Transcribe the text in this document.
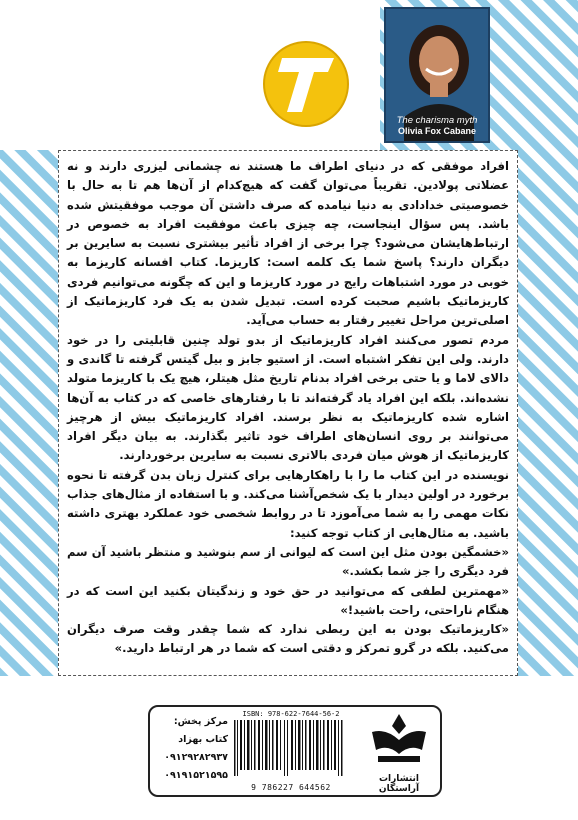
The charisma myth
Olivia Fox Cabane

افراد موفقی که در دنیای اطراف ما هستند نه چشمانی لیزری دارند و نه عضلاتی پولادین. تقریباً می‌توان گفت که هیچ‌کدام از آن‌ها هم تا به حال با خصوصیتی خدادادی به دنیا نیامده که صرف داشتن آن موجب موفقیتش شده باشد. پس سؤال اینجاست، چه چیزی باعث موفقیت افراد به خصوص در ارتباط‌هایشان می‌شود؟ چرا برخی از افراد تأثیر بیشتری نسبت به سایرین بر دیگران دارند؟ پاسخ شما یک کلمه است: کاریزما. کتاب افسانه کاریزما به خوبی در مورد اشتباهات رایج در مورد کاریزما و این که چگونه می‌توانیم فردی کاریزماتیک باشیم صحبت کرده است. تبدیل شدن به یک فرد کاریزماتیک از اصلی‌ترین مراحل تغییر رفتار به حساب می‌آید.

مردم تصور می‌کنند افراد کاریزماتیک از بدو تولد چنین قابلیتی را در خود دارند. ولی این تفکر اشتباه است. از استیو جابز و بیل گیتس گرفته تا گاندی و دالای لاما و یا حتی برخی افراد بدنام تاریخ مثل هیتلر، هیچ یک با کاریزما متولد نشده‌اند. بلکه این افراد یاد گرفته‌اند تا با رفتارهای خاصی که در کتاب به آن‌ها اشاره شده کاریزماتیک به نظر برسند. افراد کاریزماتیک بیش از هرچیز می‌توانند بر روی انسان‌های اطراف خود تاثیر بگذارند. به بیان دیگر افراد کاریزماتیک از هوش میان فردی بالاتری نسبت به سایرین برخوردارند.

نویسنده در این کتاب ما را با راهکارهایی برای کنترل زبان بدن گرفته تا نحوه برخورد در اولین دیدار با یک شخص‌آشنا می‌کند. و با استفاده از مثال‌های جذاب نکات مهمی را به شما می‌آموزد تا در روابط شخصی خود عملکرد بهتری داشته باشید. به مثال‌هایی از کتاب توجه کنید:

«خشمگین بودن مثل این است که لیوانی از سم بنوشید و منتظر باشید آن سم فرد دیگری را جز شما بکشد.»

«مهمترین لطفی که می‌توانید در حق خود و زندگیتان بکنید این است که در هنگام ناراحتی، راحت باشید!»

«کاریزماتیک بودن به این ربطی ندارد که شما چقدر وقت صرف دیگران می‌کنید. بلکه در گرو تمرکز و دقتی است که شما در هر ارتباط دارید.»

مرکز پخش:
کتاب بهزاد
۰۹۱۲۹۲۸۲۹۳۷
۰۹۱۹۱۵۲۱۵۹۵
ISBN: 978-622-7644-56-2
9 786227 644562
انتشارات آراستگان
